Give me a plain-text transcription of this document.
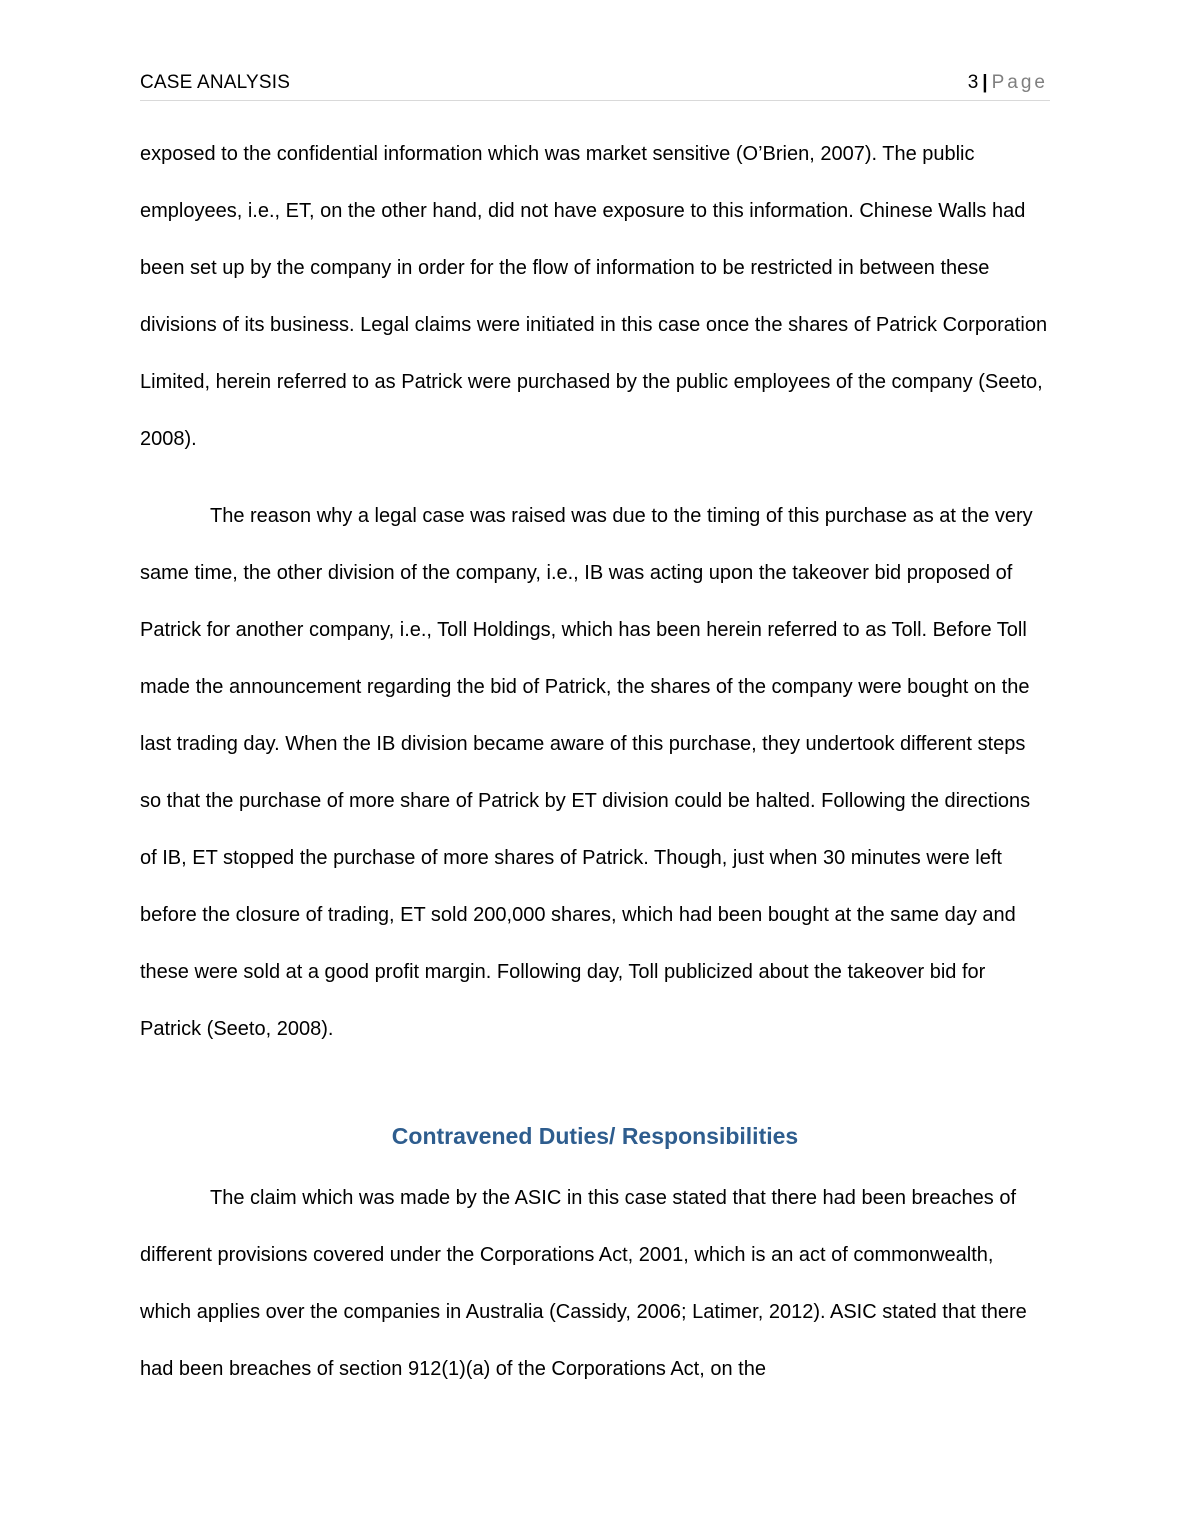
CASE ANALYSIS	3 | Page

exposed to the confidential information which was market sensitive (O’Brien, 2007). The public employees, i.e., ET, on the other hand, did not have exposure to this information. Chinese Walls had been set up by the company in order for the flow of information to be restricted in between these divisions of its business. Legal claims were initiated in this case once the shares of Patrick Corporation Limited, herein referred to as Patrick were purchased by the public employees of the company (Seeto, 2008).

The reason why a legal case was raised was due to the timing of this purchase as at the very same time, the other division of the company, i.e., IB was acting upon the takeover bid proposed of Patrick for another company, i.e., Toll Holdings, which has been herein referred to as Toll. Before Toll made the announcement regarding the bid of Patrick, the shares of the company were bought on the last trading day. When the IB division became aware of this purchase, they undertook different steps so that the purchase of more share of Patrick by ET division could be halted. Following the directions of IB, ET stopped the purchase of more shares of Patrick. Though, just when 30 minutes were left before the closure of trading, ET sold 200,000 shares, which had been bought at the same day and these were sold at a good profit margin. Following day, Toll publicized about the takeover bid for Patrick (Seeto, 2008).

Contravened Duties/ Responsibilities

The claim which was made by the ASIC in this case stated that there had been breaches of different provisions covered under the Corporations Act, 2001, which is an act of commonwealth, which applies over the companies in Australia (Cassidy, 2006; Latimer, 2012). ASIC stated that there had been breaches of section 912(1)(a) of the Corporations Act, on the
